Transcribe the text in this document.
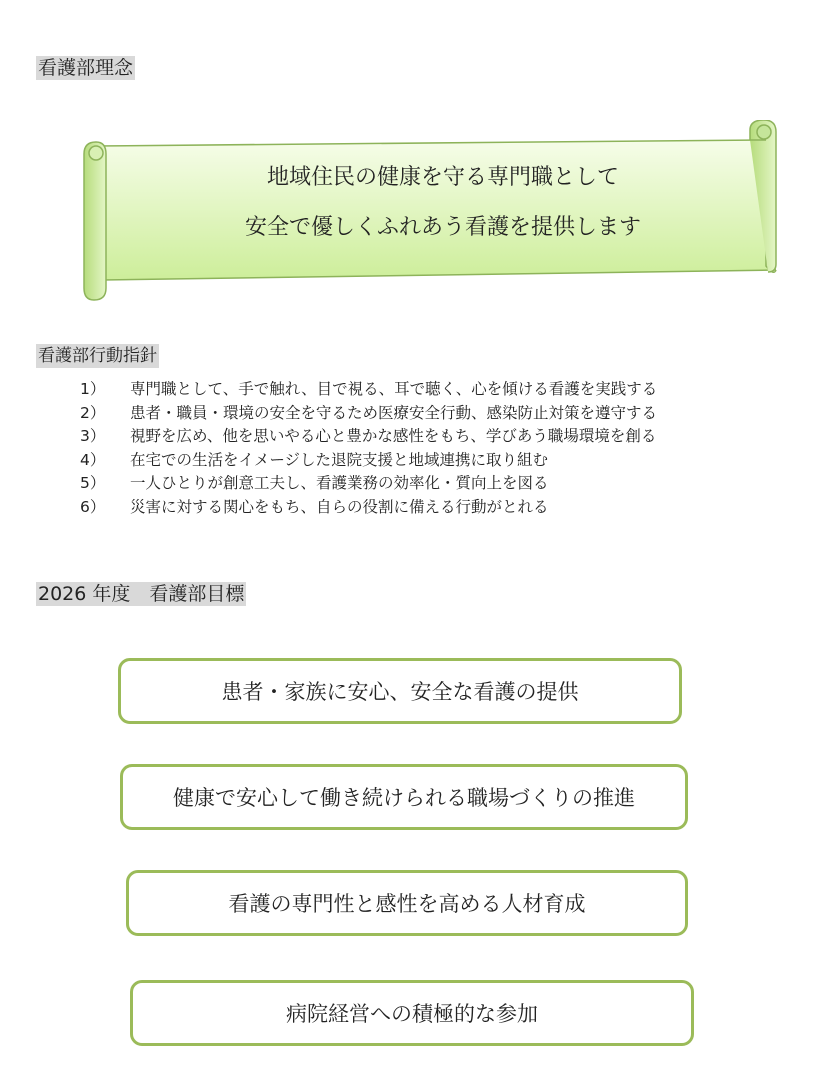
看護部理念
地域住民の健康を守る専門職として
安全で優しくふれあう看護を提供します
看護部行動指針
1）	専門職として、手で触れ、目で視る、耳で聴く、心を傾ける看護を実践する
2）	患者・職員・環境の安全を守るため医療安全行動、感染防止対策を遵守する
3）	視野を広め、他を思いやる心と豊かな感性をもち、学びあう職場環境を創る
4）	在宅での生活をイメージした退院支援と地域連携に取り組む
5）	一人ひとりが創意工夫し、看護業務の効率化・質向上を図る
6）	災害に対する関心をもち、自らの役割に備える行動がとれる
2026 年度　看護部目標
患者・家族に安心、安全な看護の提供
健康で安心して働き続けられる職場づくりの推進
看護の専門性と感性を高める人材育成
病院経営への積極的な参加
